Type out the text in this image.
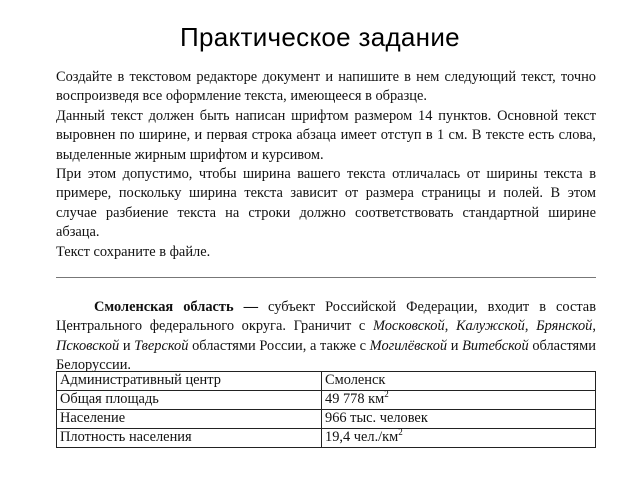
Практическое задание

Создайте в текстовом редакторе документ и напишите в нем следующий текст, точно воспроизведя все оформление текста, имеющееся в образце.

Данный текст должен быть написан шрифтом размером 14 пунктов. Основной текст выровнен по ширине, и первая строка абзаца имеет отступ в 1 см. В тексте есть слова, выделенные жирным шрифтом и курсивом.

При этом допустимо, чтобы ширина вашего текста отличалась от ширины текста в примере, поскольку ширина текста зависит от размера страницы и полей. В этом случае разбиение текста на строки должно соответствовать стандартной ширине абзаца.

Текст сохраните в файле.

Смоленская область — субъект Российской Федерации, входит в состав Центрального федерального округа. Граничит с Московской, Калужской, Брянской, Псковской и Тверской областями России, а также с Могилёвской и Витебской областями Белоруссии.

Административный центр	Смоленск
Общая площадь	49 778 $км^2$
Население	966 тыс. человек
Плотность населения	19,4 $чел./км^2$
